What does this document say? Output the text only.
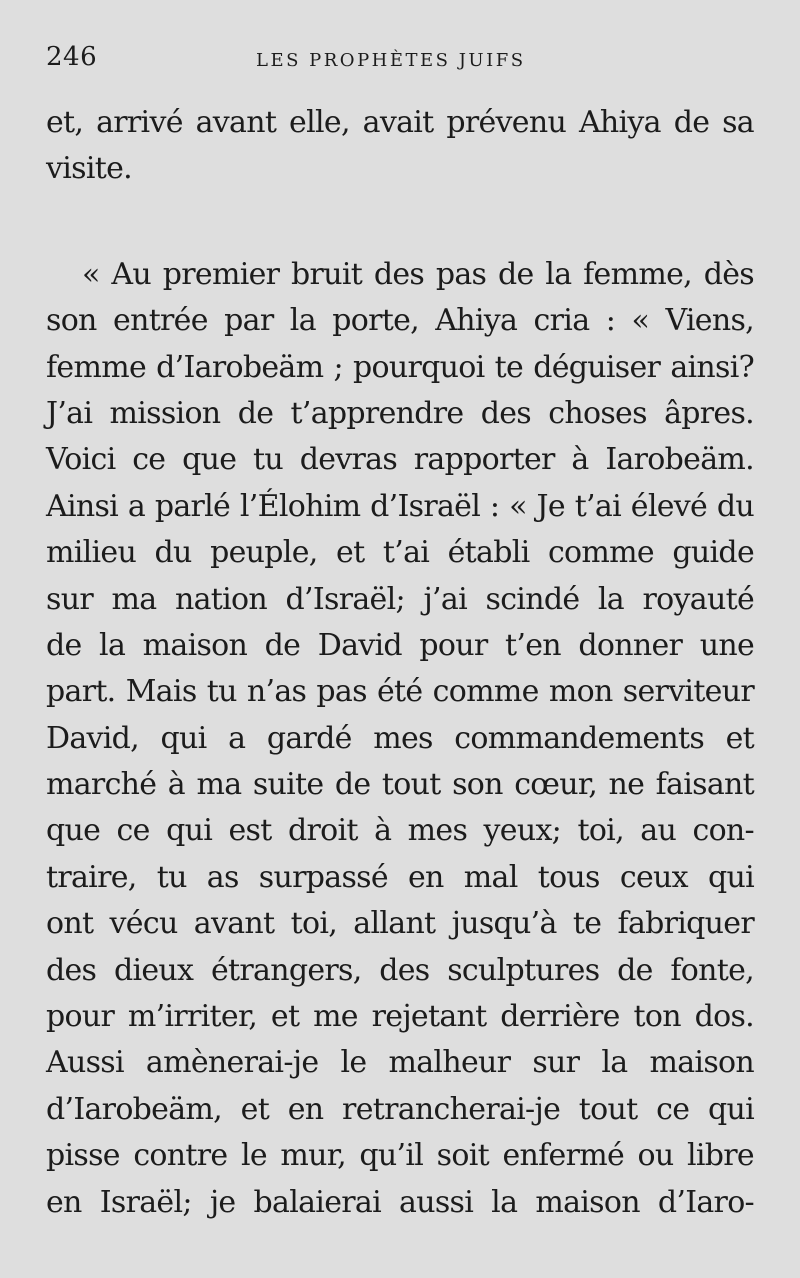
246	LES PROPHÈTES JUIFS
et, arrivé avant elle, avait prévenu Ahiya de sa
visite.
« Au premier bruit des pas de la femme, dès
son entrée par la porte, Ahiya cria : « Viens,
femme d’Iarobeäm ; pourquoi te déguiser ainsi?
J’ai mission de t’apprendre des choses âpres.
Voici ce que tu devras rapporter à Iarobeäm.
Ainsi a parlé l’Élohim d’Israël : « Je t’ai élevé du
milieu du peuple, et t’ai établi comme guide
sur ma nation d’Israël; j’ai scindé la royauté
de la maison de David pour t’en donner une
part. Mais tu n’as pas été comme mon serviteur
David, qui a gardé mes commandements et
marché à ma suite de tout son cœur, ne faisant
que ce qui est droit à mes yeux; toi, au con-
traire, tu as surpassé en mal tous ceux qui
ont vécu avant toi, allant jusqu’à te fabriquer
des dieux étrangers, des sculptures de fonte,
pour m’irriter, et me rejetant derrière ton dos.
Aussi amènerai-je le malheur sur la maison
d’Iarobeäm, et en retrancherai-je tout ce qui
pisse contre le mur, qu’il soit enfermé ou libre
en Israël; je balaierai aussi la maison d’Iaro-
